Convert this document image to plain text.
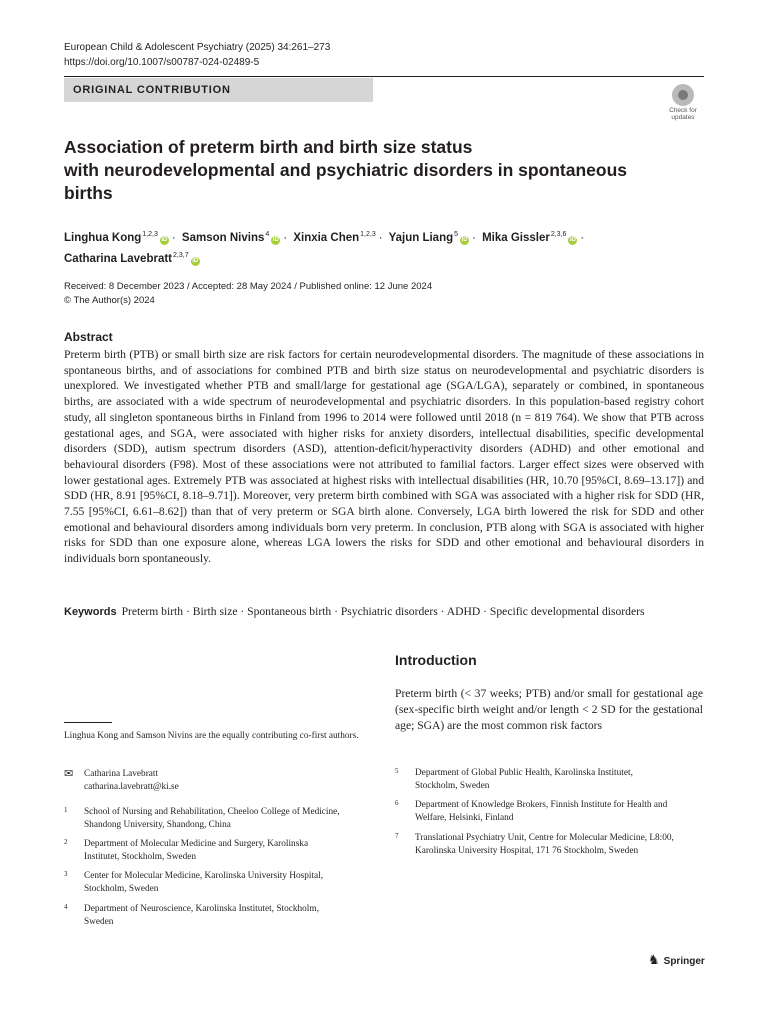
European Child & Adolescent Psychiatry (2025) 34:261–273
https://doi.org/10.1007/s00787-024-02489-5
ORIGINAL CONTRIBUTION
Check for
updates
Association of preterm birth and birth size status
with neurodevelopmental and psychiatric disorders in spontaneous
births
Linghua Kong$^{1,2,3}$iD · Samson Nivins$^4$iD · Xinxia Chen$^{1,2,3}$ · Yajun Liang$^5$iD · Mika Gissler$^{2,3,6}$iD ·
Catharina Lavebratt$^{2,3,7}$iD
Received: 8 December 2023 / Accepted: 28 May 2024 / Published online: 12 June 2024
© The Author(s) 2024
Abstract
Preterm birth (PTB) or small birth size are risk factors for certain neurodevelopmental disorders. The magnitude of these associations in spontaneous births, and of associations for combined PTB and birth size status on neurodevelopmental and psychiatric disorders is unexplored. We investigated whether PTB and small/large for gestational age (SGA/LGA), separately or combined, in spontaneous births, are associated with a wide spectrum of neurodevelopmental and psychiatric disorders. In this population-based registry cohort study, all singleton spontaneous births in Finland from 1996 to 2014 were followed until 2018 (n = 819 764). We show that PTB across gestational ages, and SGA, were associated with higher risks for anxiety disorders, intellectual disabilities, specific developmental disorders (SDD), autism spectrum disorders (ASD), attention-deficit/hyperactivity disorders (ADHD) and other emotional and behavioural disorders (F98). Most of these associations were not attributed to familial factors. Larger effect sizes were observed with lower gestational ages. Extremely PTB was associated at highest risks with intellectual disabilities (HR, 10.70 [95%CI, 8.69–13.17]) and SDD (HR, 8.91 [95%CI, 8.18–9.71]). Moreover, very preterm birth combined with SGA was associated with a higher risk for SDD (HR, 7.55 [95%CI, 6.61–8.62]) than that of very preterm or SGA birth alone. Conversely, LGA birth lowered the risk for SDD and other emotional and behavioural disorders among individuals born very preterm. In conclusion, PTB along with SGA is associated with higher risks for SDD than one exposure alone, whereas LGA lowers the risks for SDD and other emotional and behavioural disorders in individuals born spontaneously.
Keywords Preterm birth · Birth size · Spontaneous birth · Psychiatric disorders · ADHD · Specific developmental disorders
Introduction
Preterm birth (< 37 weeks; PTB) and/or small for gestational age (sex-specific birth weight and/or length < 2 SD for the gestational age; SGA) are the most common risk factors
Linghua Kong and Samson Nivins are the equally contributing co-first authors.
✉ Catharina Lavebratt
catharina.lavebratt@ki.se
1 School of Nursing and Rehabilitation, Cheeloo College of Medicine, Shandong University, Shandong, China
2 Department of Molecular Medicine and Surgery, Karolinska Institutet, Stockholm, Sweden
3 Center for Molecular Medicine, Karolinska University Hospital, Stockholm, Sweden
4 Department of Neuroscience, Karolinska Institutet, Stockholm, Sweden
5 Department of Global Public Health, Karolinska Institutet, Stockholm, Sweden
6 Department of Knowledge Brokers, Finnish Institute for Health and Welfare, Helsinki, Finland
7 Translational Psychiatry Unit, Centre for Molecular Medicine, L8:00, Karolinska University Hospital, 171 76 Stockholm, Sweden
♞ Springer
